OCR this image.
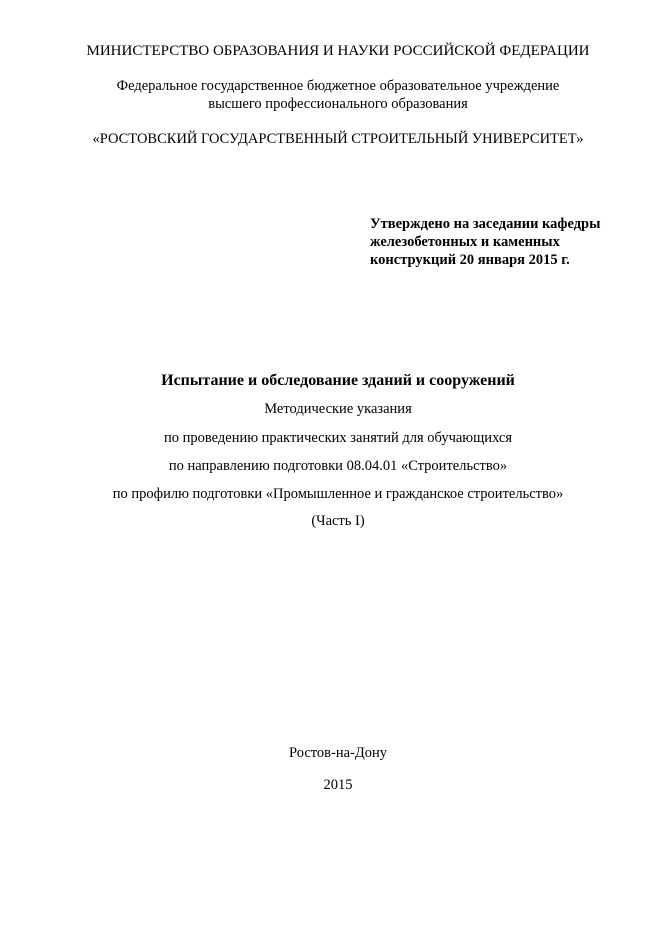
МИНИСТЕРСТВО ОБРАЗОВАНИЯ И НАУКИ РОССИЙСКОЙ ФЕДЕРАЦИИ
Федеральное государственное бюджетное образовательное учреждение
высшего профессионального образования
«РОСТОВСКИЙ ГОСУДАРСТВЕННЫЙ СТРОИТЕЛЬНЫЙ УНИВЕРСИТЕТ»
Утверждено на заседании кафедры
железобетонных и каменных
конструкций 20 января 2015 г.
Испытание и обследование зданий и сооружений
Методические указания
по проведению практических занятий для обучающихся
по направлению подготовки 08.04.01 «Строительство»
по профилю подготовки «Промышленное и гражданское строительство»
(Часть I)
Ростов-на-Дону
2015
